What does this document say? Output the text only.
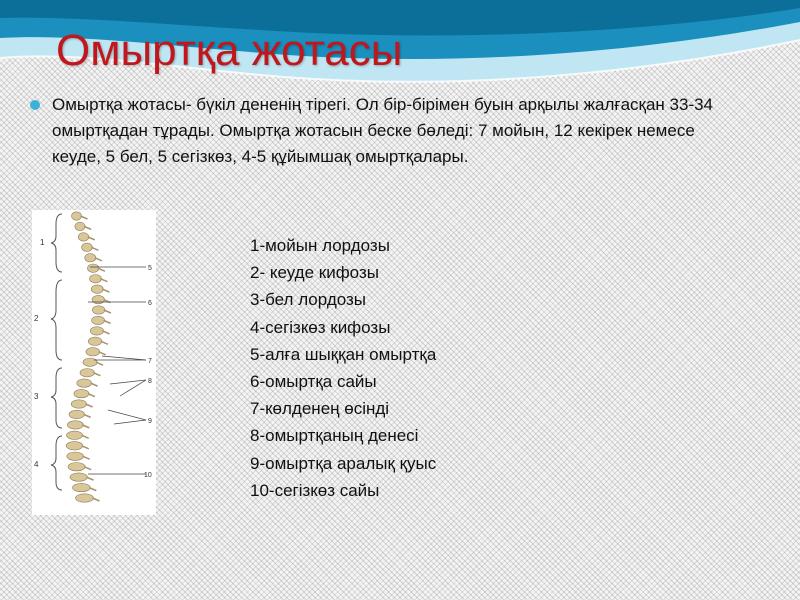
Омыртқа жотасы
Омыртқа жотасы- бүкіл дененің тірегі. Ол бір-бірімен буын арқылы жалғасқан 33-34 омыртқадан тұрады. Омыртқа жотасын беске бөледі: 7 мойын, 12 кекірек немесе кеуде, 5 бел, 5 сегізкөз, 4-5 құйымшақ омыртқалары.
1
2
3
4
5
6
7
8
9
10
1-мойын лордозы
2- кеуде кифозы
3-бел лордозы
4-сегізкөз кифозы
5-алға шыққан омыртқа
6-омыртқа сайы
7-көлденең өсінді
8-омыртқаның денесі
9-омыртқа аралық қуыс
10-сегізкөз сайы
